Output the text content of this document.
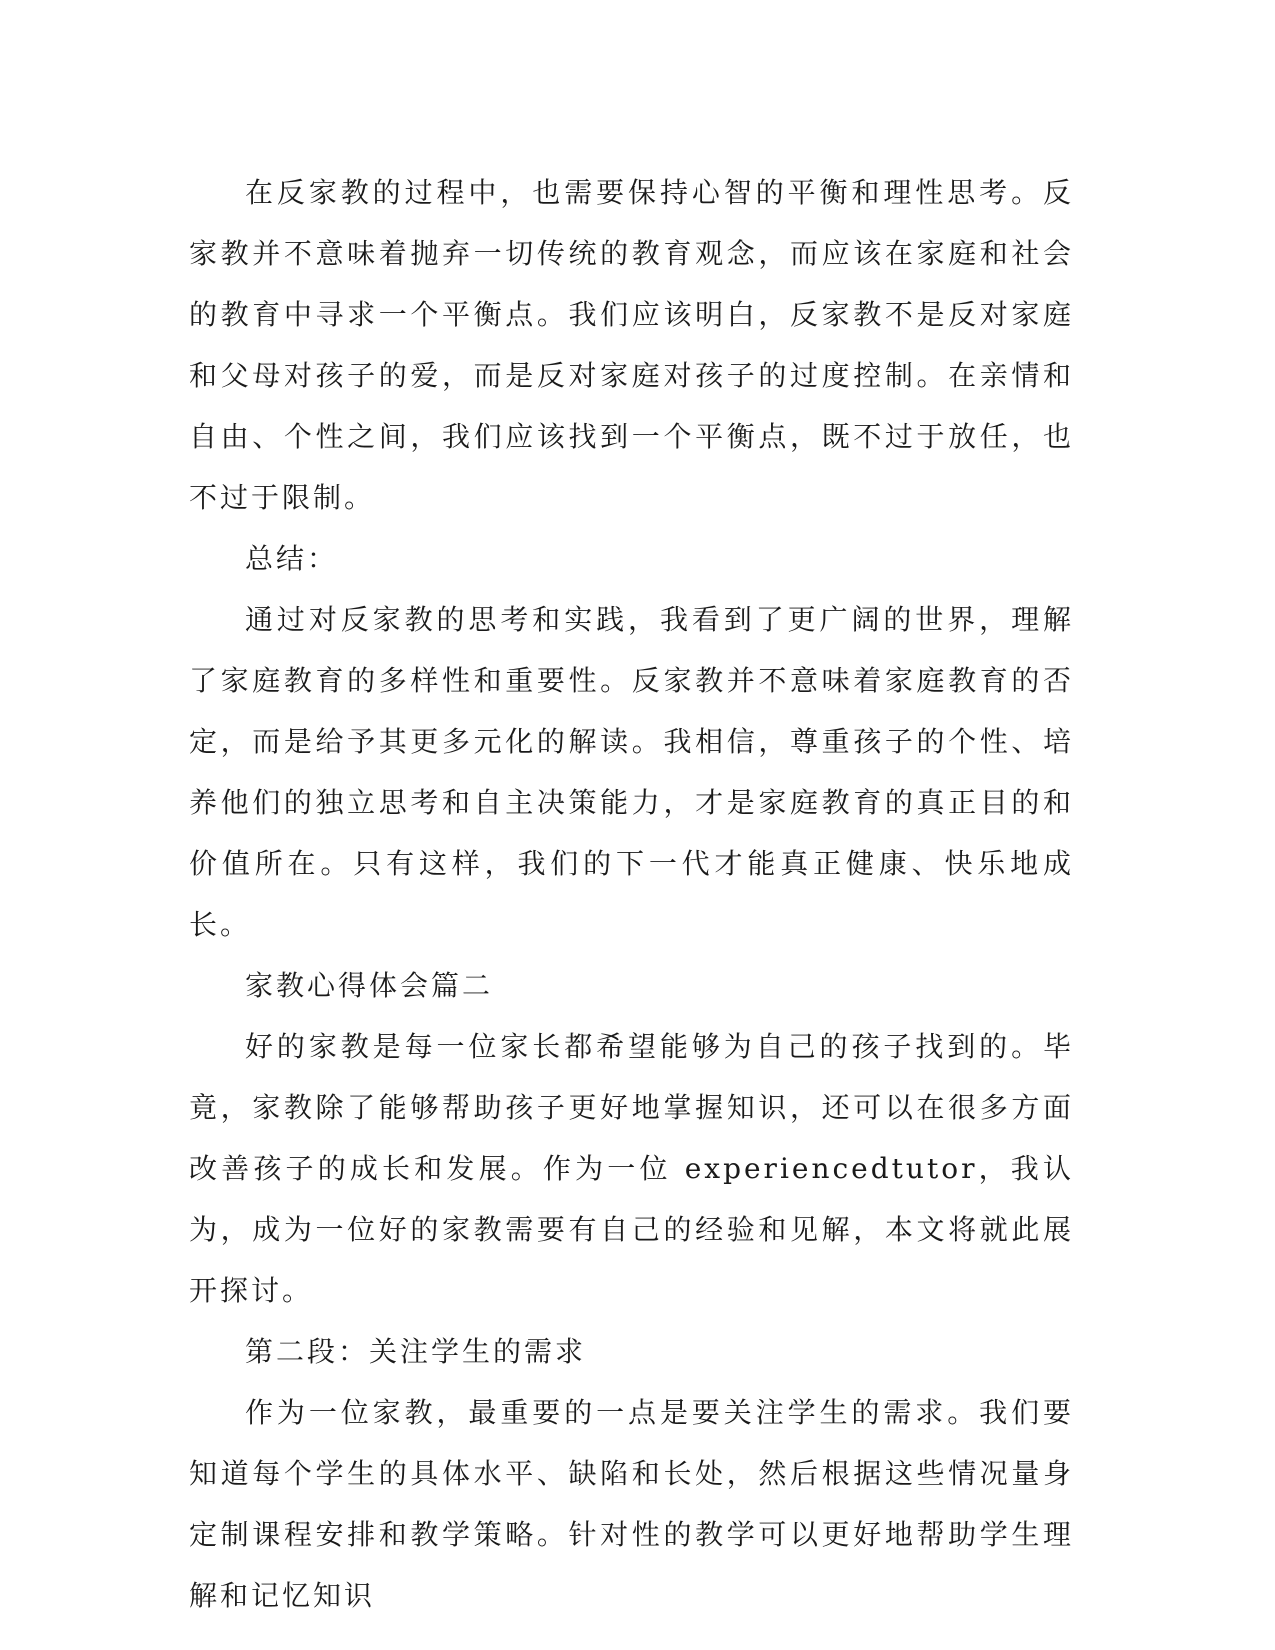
在反家教的过程中，也需要保持心智的平衡和理性思考。反家教并不意味着抛弃一切传统的教育观念，而应该在家庭和社会的教育中寻求一个平衡点。我们应该明白，反家教不是反对家庭和父母对孩子的爱，而是反对家庭对孩子的过度控制。在亲情和自由、个性之间，我们应该找到一个平衡点，既不过于放任，也不过于限制。

总结：

通过对反家教的思考和实践，我看到了更广阔的世界，理解了家庭教育的多样性和重要性。反家教并不意味着家庭教育的否定，而是给予其更多元化的解读。我相信，尊重孩子的个性、培养他们的独立思考和自主决策能力，才是家庭教育的真正目的和价值所在。只有这样，我们的下一代才能真正健康、快乐地成长。

家教心得体会篇二

好的家教是每一位家长都希望能够为自己的孩子找到的。毕竟，家教除了能够帮助孩子更好地掌握知识，还可以在很多方面改善孩子的成长和发展。作为一位 experiencedtutor，我认为，成为一位好的家教需要有自己的经验和见解，本文将就此展开探讨。

第二段：关注学生的需求

作为一位家教，最重要的一点是要关注学生的需求。我们要知道每个学生的具体水平、缺陷和长处，然后根据这些情况量身定制课程安排和教学策略。针对性的教学可以更好地帮助学生理解和记忆知识
